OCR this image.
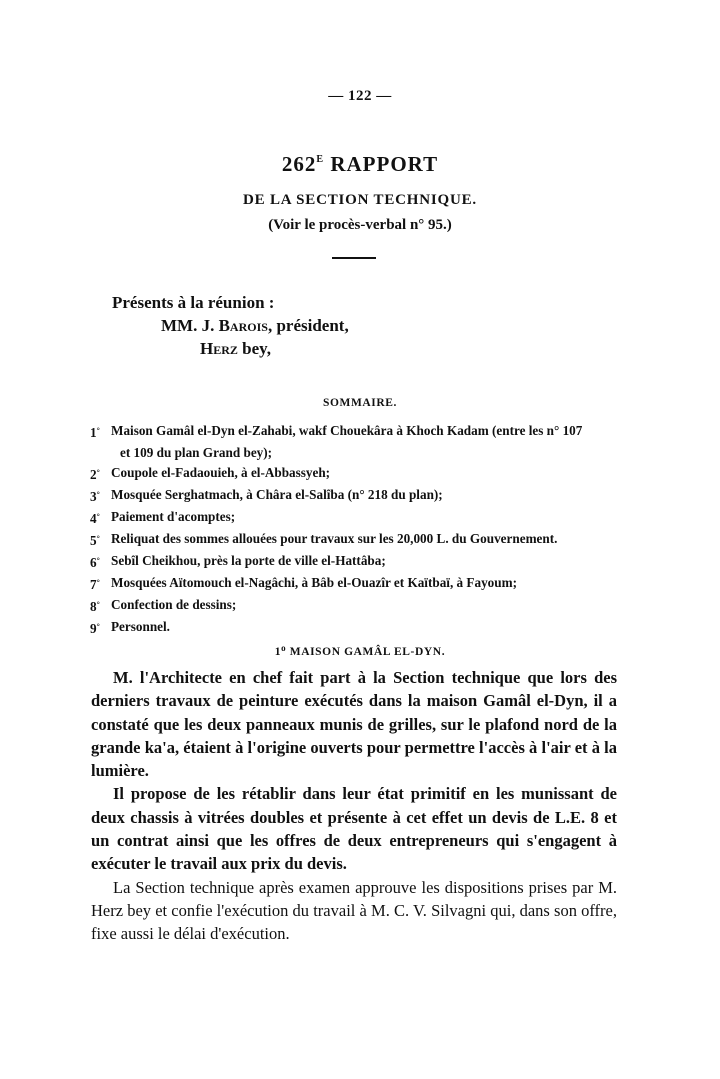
— 122 —
$262^E$ RAPPORT
DE LA SECTION TECHNIQUE.
(Voir le procès-verbal n° 95.)
Présents à la réunion :
MM. J. Barois, président,
Herz bey,
SOMMAIRE.
1° Maison Gamâl el-Dyn el-Zahabi, wakf Chouekâra à Khoch Kadam (entre les n° 107
et 109 du plan Grand bey);
2° Coupole el-Fadaouieh, à el-Abbassyeh;
3° Mosquée Serghatmach, à Châra el-Salîba (n° 218 du plan);
4° Paiement d'acomptes;
5° Reliquat des sommes allouées pour travaux sur les 20,000 L. du Gouvernement.
6° Sebîl Cheikhou, près la porte de ville el-Hattâba;
7° Mosquées Aïtomouch el-Nagâchi, à Bâb el-Ouazîr et Kaïtbaï, à Fayoum;
8° Confection de dessins;
9° Personnel.
1$^o$ MAISON GAMÂL EL-DYN.

M. l'Architecte en chef fait part à la Section technique que lors des derniers travaux de peinture exécutés dans la maison Gamâl el-Dyn, il a constaté que les deux panneaux munis de grilles, sur le plafond nord de la grande ka'a, étaient à l'origine ouverts pour permettre l'accès à l'air et à la lumière.

Il propose de les rétablir dans leur état primitif en les munissant de deux chassis à vitrées doubles et présente à cet effet un devis de L.E. 8 et un contrat ainsi que les offres de deux entrepreneurs qui s'engagent à exécuter le travail aux prix du devis.

La Section technique après examen approuve les dispositions prises par M. Herz bey et confie l'exécution du travail à M. C. V. Silvagni qui, dans son offre, fixe aussi le délai d'exécution.
